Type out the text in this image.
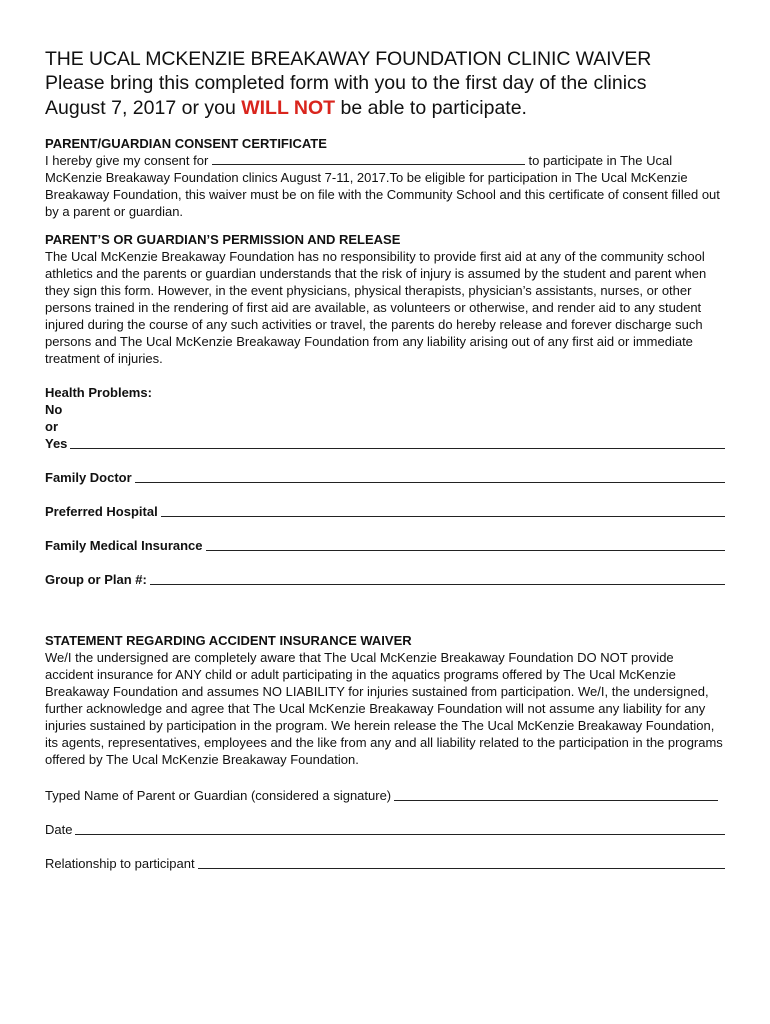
THE UCAL MCKENZIE BREAKAWAY FOUNDATION CLINIC WAIVER

Please bring this completed form with you to the first day of the clinics

August 7, 2017 or you WILL NOT be able to participate.

PARENT/GUARDIAN CONSENT CERTIFICATE

I hereby give my consent for	to participate in The Ucal McKenzie Breakaway Foundation clinics August 7-11, 2017.To be eligible for participation in The Ucal McKenzie Breakaway Foundation, this waiver must be on file with the Community School and this certificate of consent filled out by a parent or guardian.

PARENT’S OR GUARDIAN’S PERMISSION AND RELEASE

The Ucal McKenzie Breakaway Foundation has no responsibility to provide first aid at any of the community school athletics and the parents or guardian understands that the risk of injury is assumed by the student and parent when they sign this form. However, in the event physicians, physical therapists, physician’s assistants, nurses, or other persons trained in the rendering of first aid are available, as volunteers or otherwise, and render aid to any student injured during the course of any such activities or travel, the parents do hereby release and forever discharge such persons and The Ucal McKenzie Breakaway Foundation from any liability arising out of any first aid or immediate treatment of injuries.

Health Problems:

No

or

Yes
Family Doctor
Preferred Hospital
Family Medical Insurance
Group or Plan #:

STATEMENT REGARDING ACCIDENT INSURANCE WAIVER

We/I the undersigned are completely aware that The Ucal McKenzie Breakaway Foundation DO NOT provide accident insurance for ANY child or adult participating in the aquatics programs offered by The Ucal McKenzie Breakaway Foundation and assumes NO LIABILITY for injuries sustained from participation. We/I, the undersigned, further acknowledge and agree that The Ucal McKenzie Breakaway Foundation will not assume any liability for any injuries sustained by participation in the program. We herein release the The Ucal McKenzie Breakaway Foundation, its agents, representatives, employees and the like from any and all liability related to the participation in the programs offered by The Ucal McKenzie Breakaway Foundation.

Typed Name of Parent or Guardian (considered a signature)
Date
Relationship to participant
